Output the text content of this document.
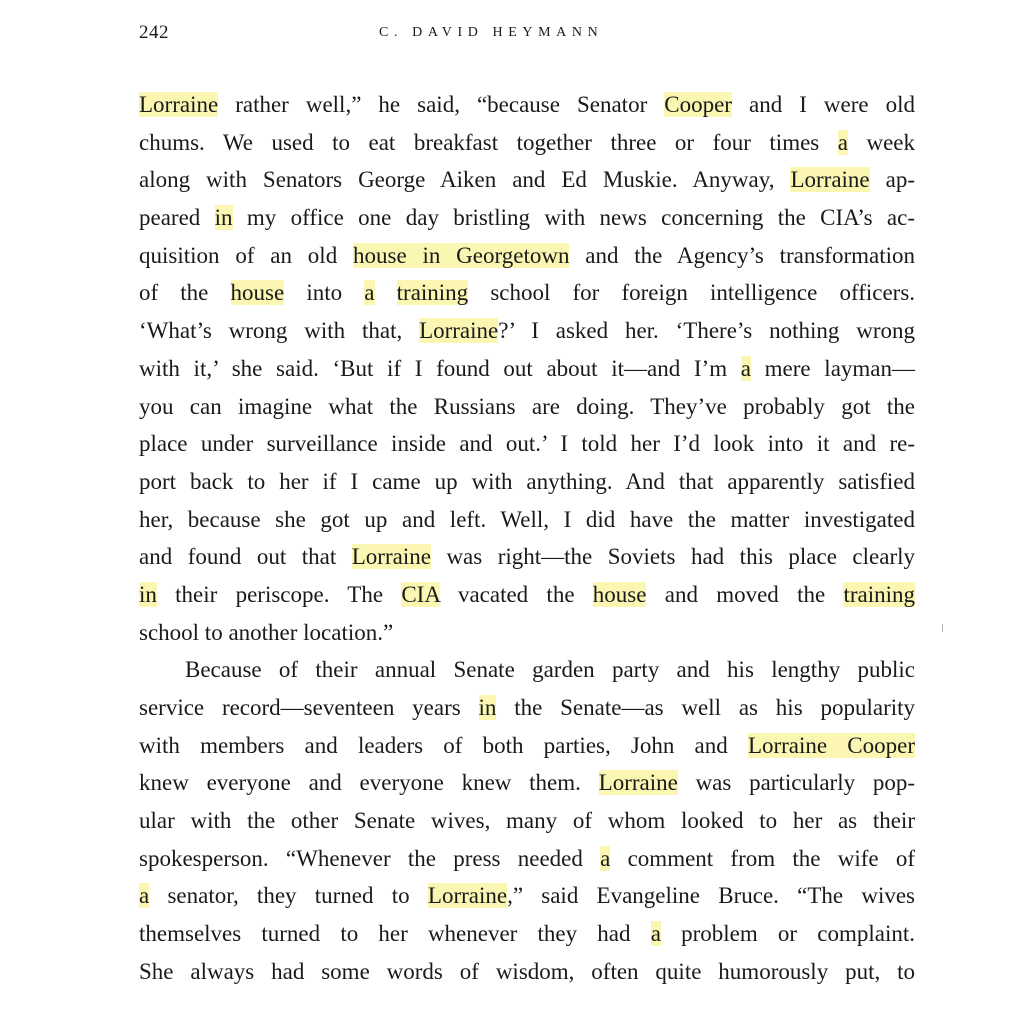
242	C. DAVID HEYMANN
Lorraine rather well,” he said, “because Senator Cooper and I were old
chums. We used to eat breakfast together three or four times a week
along with Senators George Aiken and Ed Muskie. Anyway, Lorraine ap-
peared in my office one day bristling with news concerning the CIA’s ac-
quisition of an old house in Georgetown and the Agency’s transformation
of the house into a training school for foreign intelligence officers.
‘What’s wrong with that, Lorraine?’ I asked her. ‘There’s nothing wrong
with it,’ she said. ‘But if I found out about it—and I’m a mere layman—
you can imagine what the Russians are doing. They’ve probably got the
place under surveillance inside and out.’ I told her I’d look into it and re-
port back to her if I came up with anything. And that apparently satisfied
her, because she got up and left. Well, I did have the matter investigated
and found out that Lorraine was right—the Soviets had this place clearly
in their periscope. The CIA vacated the house and moved the training
school to another location.”
Because of their annual Senate garden party and his lengthy public
service record—seventeen years in the Senate—as well as his popularity
with members and leaders of both parties, John and Lorraine Cooper
knew everyone and everyone knew them. Lorraine was particularly pop-
ular with the other Senate wives, many of whom looked to her as their
spokesperson. “Whenever the press needed a comment from the wife of
a senator, they turned to Lorraine,” said Evangeline Bruce. “The wives
themselves turned to her whenever they had a problem or complaint.
She always had some words of wisdom, often quite humorously put, to
